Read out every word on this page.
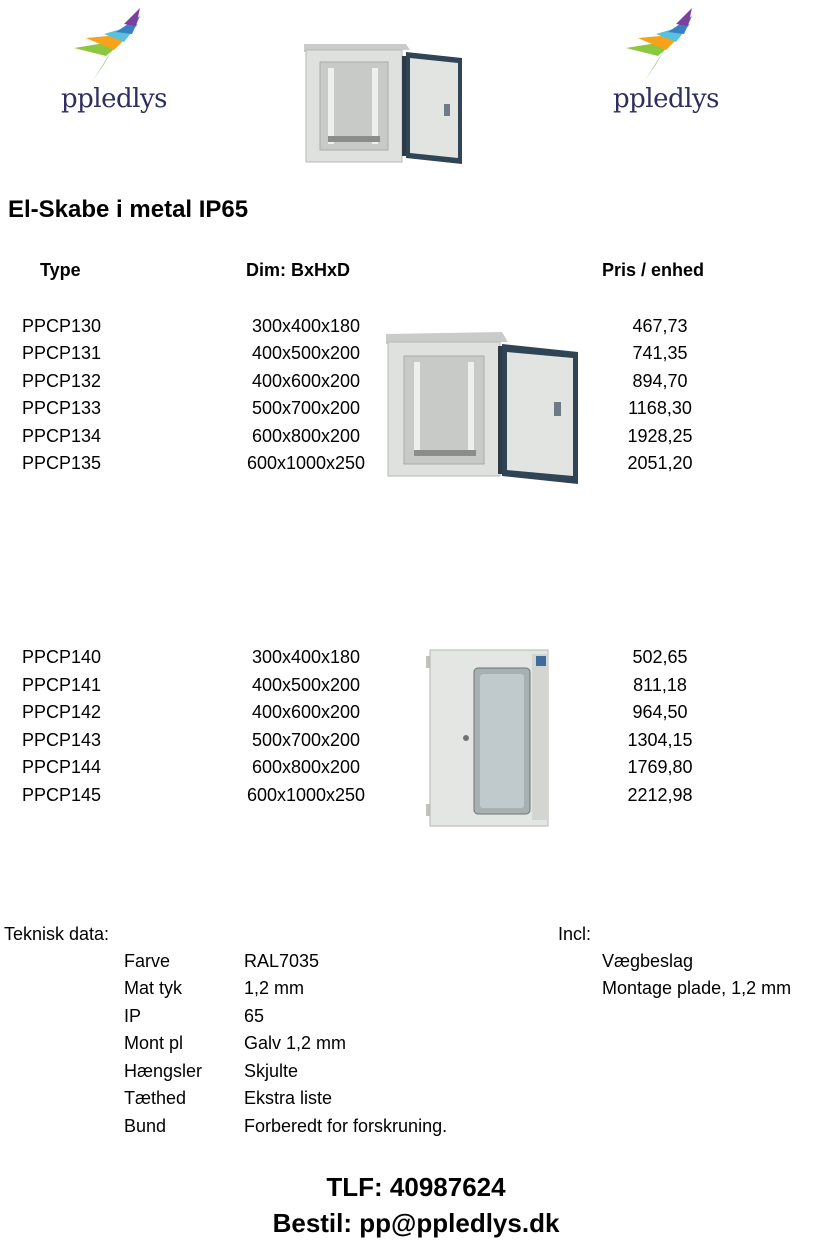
ppledlys	ppledlys
El-Skabe i metal IP65
Type	Dim: BxHxD	Pris / enhed
PPCP130	300x400x180	467,73
PPCP131	400x500x200	741,35
PPCP132	400x600x200	894,70
PPCP133	500x700x200	1168,30
PPCP134	600x800x200	1928,25
PPCP135	600x1000x250	2051,20
PPCP140	300x400x180	502,65
PPCP141	400x500x200	811,18
PPCP142	400x600x200	964,50
PPCP143	500x700x200	1304,15
PPCP144	600x800x200	1769,80
PPCP145	600x1000x250	2212,98
Teknisk data:
Farve	RAL7035
Mat tyk	1,2 mm
IP	65
Mont pl	Galv 1,2 mm
Hængsler Skjulte
Tæthed	Ekstra liste
Bund	Forberedt for forskruning.
Incl:
Vægbeslag
Montage plade, 1,2 mm
TLF: 40987624
Bestil: pp@ppledlys.dk
